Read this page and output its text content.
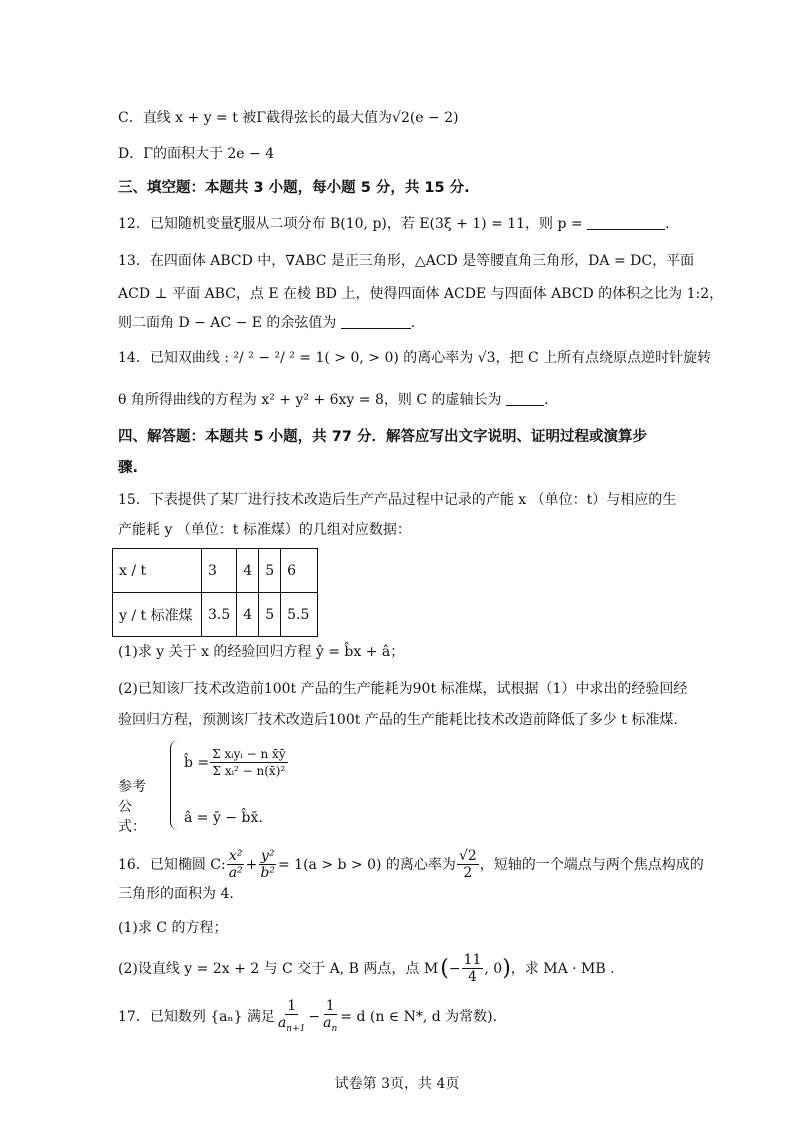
C．直线 x + y = t 被Γ截得弦长的最大值为√2(e − 2)
D．Γ的面积大于 2e − 4
三、填空题：本题共 3 小题，每小题 5 分，共 15 分.
12．已知随机变量ξ服从二项分布 B(10, p)，若 E(3ξ + 1) = 11，则 p =	.
13．在四面体 ABCD 中，∇ABC 是正三角形，△ACD 是等腰直角三角形，DA = DC，平面
ACD ⊥ 平面 ABC，点 E 在棱 BD 上，使得四面体 ACDE 与四面体 ABCD 的体积之比为 1:2，
则二面角 D − AC − E 的余弦值为	.
14．已知双曲线 : ²/ ² − ²/ ² = 1( > 0, > 0) 的离心率为 √3，把 C 上所有点绕原点逆时针旋转
θ 角所得曲线的方程为 x² + y² + 6xy = 8，则 C 的虚轴长为	.
四、解答题：本题共 5 小题，共 77 分．解答应写出文字说明、证明过程或演算步
骤.
15．下表提供了某厂进行技术改造后生产产品过程中记录的产能 x （单位：t）与相应的生
产能耗 y （单位：t 标准煤）的几组对应数据：
x / t	3	4	5	6
y / t 标准煤	3.5	4	5	5.5
(1)求 y 关于 x 的经验回归方程 ŷ = b̂x + â；
(2)已知该厂技术改造前100t 产品的生产能耗为90t 标准煤，试根据（1）中求出的经验回经
验回归方程，预测该厂技术改造后100t 产品的生产能耗比技术改造前降低了多少 t 标准煤.
参考公式：
b̂ = $\frac{\text{Σ xᵢyᵢ − n x̄ȳ}}{\text{Σ xᵢ² − n(x̄)²}}$
â = ȳ − b̂x̄.
16．已知椭圆 C: $\frac{\text{x²}}{\text{a²}} + \frac{\text{y²}}{\text{b²}} = 1(a > b > 0)$ 的离心率为 $\frac{√2}{2}$ ，短轴的一个端点与两个焦点构成的
三角形的面积为 4.
(1)求 C 的方程；
(2)设直线 y = 2x + 2 与 C 交于 A, B 两点，点 M ( − $\frac{11}{4}$ , 0 ) ，求 MA · MB .
17．已知数列 {aₙ} 满足 $\frac{1}{a_{n+1}} - \frac{1}{a_n} = d$ (n ∈ N*, d 为常数).
试卷第 3页，共 4页
